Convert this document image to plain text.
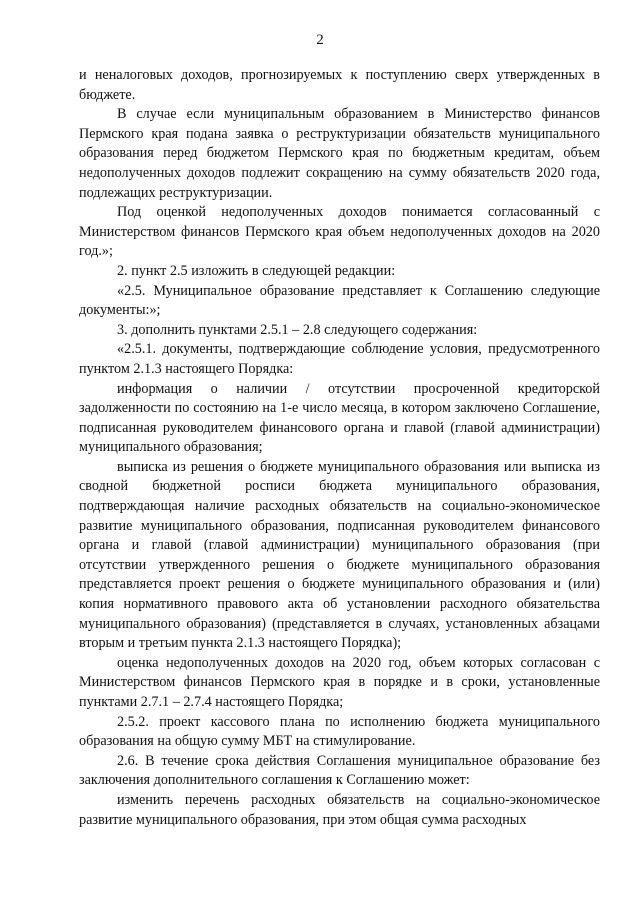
2

и неналоговых доходов, прогнозируемых к поступлению сверх утвержденных в бюджете.

В случае если муниципальным образованием в Министерство финансов Пермского края подана заявка о реструктуризации обязательств муниципального образования перед бюджетом Пермского края по бюджетным кредитам, объем недополученных доходов подлежит сокращению на сумму обязательств 2020 года, подлежащих реструктуризации.

Под оценкой недополученных доходов понимается согласованный с Министерством финансов Пермского края объем недополученных доходов на 2020 год.»;

2. пункт 2.5 изложить в следующей редакции:

«2.5. Муниципальное образование представляет к Соглашению следующие документы:»;

3. дополнить пунктами 2.5.1 – 2.8 следующего содержания:

«2.5.1. документы, подтверждающие соблюдение условия, предусмотренного пунктом 2.1.3 настоящего Порядка:

информация о наличии / отсутствии просроченной кредиторской задолженности по состоянию на 1-е число месяца, в котором заключено Соглашение, подписанная руководителем финансового органа и главой (главой администрации) муниципального образования;

выписка из решения о бюджете муниципального образования или выписка из сводной бюджетной росписи бюджета муниципального образования, подтверждающая наличие расходных обязательств на социально-экономическое развитие муниципального образования, подписанная руководителем финансового органа и главой (главой администрации) муниципального образования (при отсутствии утвержденного решения о бюджете муниципального образования представляется проект решения о бюджете муниципального образования и (или) копия нормативного правового акта об установлении расходного обязательства муниципального образования) (представляется в случаях, установленных абзацами вторым и третьим пункта 2.1.3 настоящего Порядка);

оценка недополученных доходов на 2020 год, объем которых согласован с Министерством финансов Пермского края в порядке и в сроки, установленные пунктами 2.7.1 – 2.7.4 настоящего Порядка;

2.5.2. проект кассового плана по исполнению бюджета муниципального образования на общую сумму МБТ на стимулирование.

2.6. В течение срока действия Соглашения муниципальное образование без заключения дополнительного соглашения к Соглашению может:

изменить перечень расходных обязательств на социально-экономическое развитие муниципального образования, при этом общая сумма расходных
